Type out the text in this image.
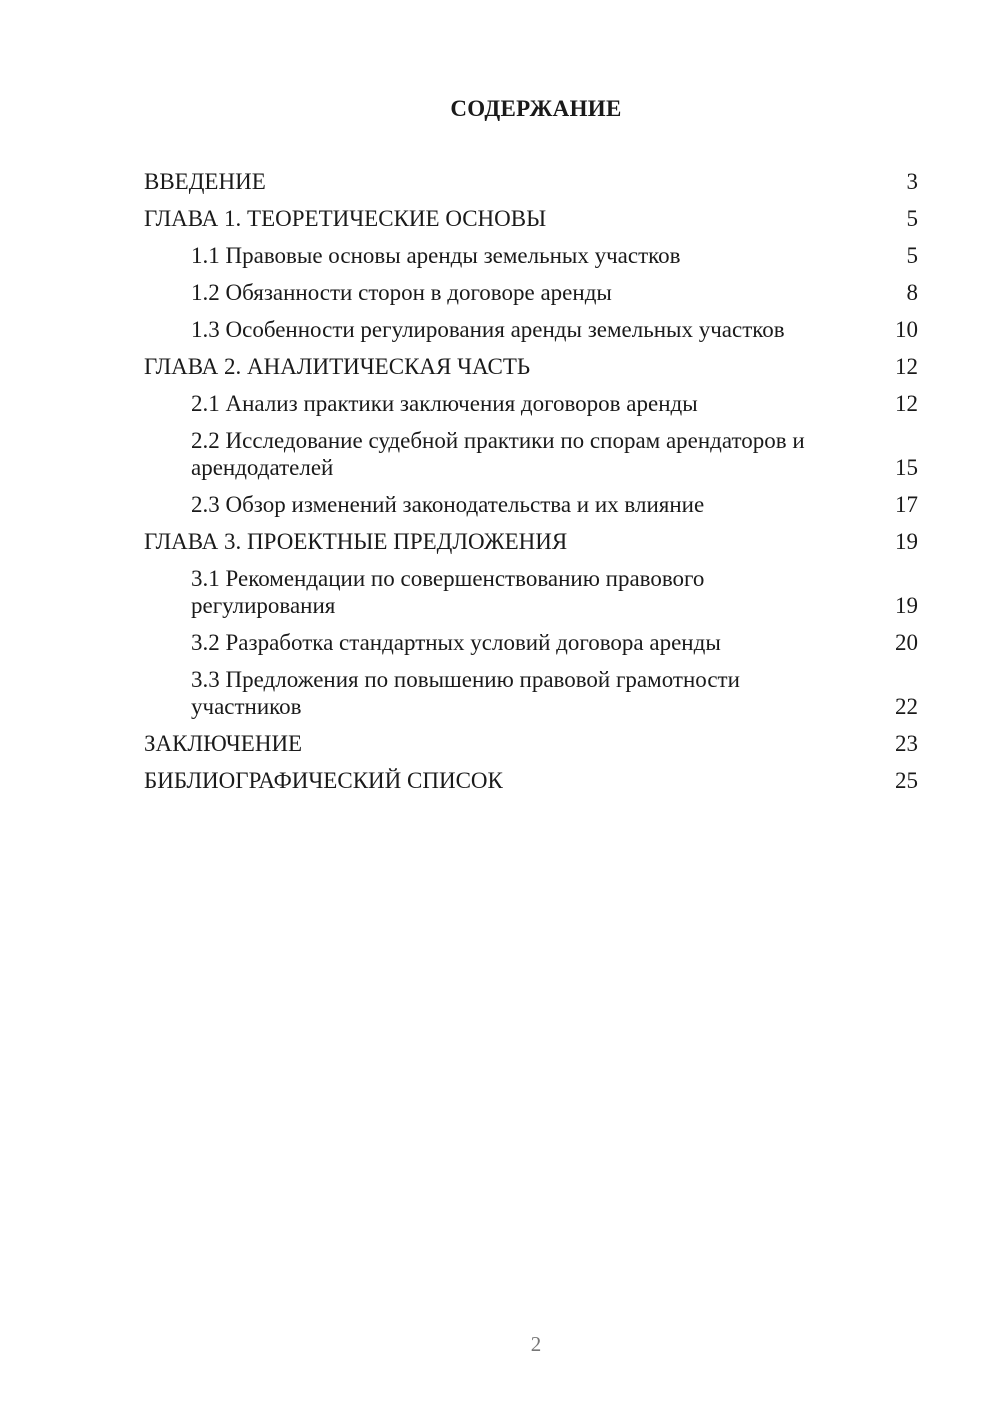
СОДЕРЖАНИЕ
ВВЕДЕНИЕ	3
ГЛАВА 1. ТЕОРЕТИЧЕСКИЕ ОСНОВЫ	5
1.1 Правовые основы аренды земельных участков	5
1.2 Обязанности сторон в договоре аренды	8
1.3 Особенности регулирования аренды земельных участков	10
ГЛАВА 2. АНАЛИТИЧЕСКАЯ ЧАСТЬ	12
2.1 Анализ практики заключения договоров аренды	12
2.2 Исследование судебной практики по спорам арендаторов и арендодателей	15
2.3 Обзор изменений законодательства и их влияние	17
ГЛАВА 3. ПРОЕКТНЫЕ ПРЕДЛОЖЕНИЯ	19
3.1 Рекомендации по совершенствованию правового регулирования	19
3.2 Разработка стандартных условий договора аренды	20
3.3 Предложения по повышению правовой грамотности участников	22
ЗАКЛЮЧЕНИЕ	23
БИБЛИОГРАФИЧЕСКИЙ СПИСОК	25
2
